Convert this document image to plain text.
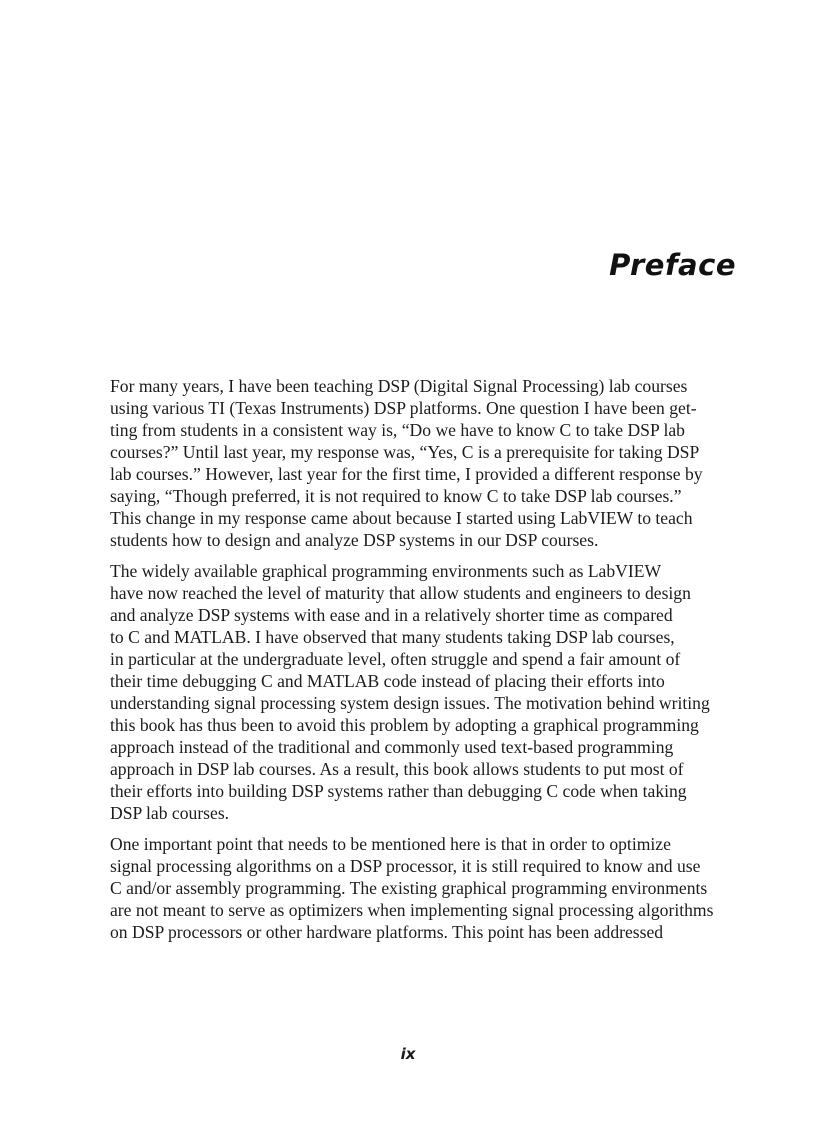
Preface

For many years, I have been teaching DSP (Digital Signal Processing) lab courses
using various TI (Texas Instruments) DSP platforms. One question I have been get-
ting from students in a consistent way is, “Do we have to know C to take DSP lab
courses?” Until last year, my response was, “Yes, C is a prerequisite for taking DSP
lab courses.” However, last year for the first time, I provided a different response by
saying, “Though preferred, it is not required to know C to take DSP lab courses.”
This change in my response came about because I started using LabVIEW to teach
students how to design and analyze DSP systems in our DSP courses.

The widely available graphical programming environments such as LabVIEW
have now reached the level of maturity that allow students and engineers to design
and analyze DSP systems with ease and in a relatively shorter time as compared
to C and MATLAB. I have observed that many students taking DSP lab courses,
in particular at the undergraduate level, often struggle and spend a fair amount of
their time debugging C and MATLAB code instead of placing their efforts into
understanding signal processing system design issues. The motivation behind writing
this book has thus been to avoid this problem by adopting a graphical programming
approach instead of the traditional and commonly used text-based programming
approach in DSP lab courses. As a result, this book allows students to put most of
their efforts into building DSP systems rather than debugging C code when taking
DSP lab courses.

One important point that needs to be mentioned here is that in order to optimize
signal processing algorithms on a DSP processor, it is still required to know and use
C and/or assembly programming. The existing graphical programming environments
are not meant to serve as optimizers when implementing signal processing algorithms
on DSP processors or other hardware platforms. This point has been addressed

ix
